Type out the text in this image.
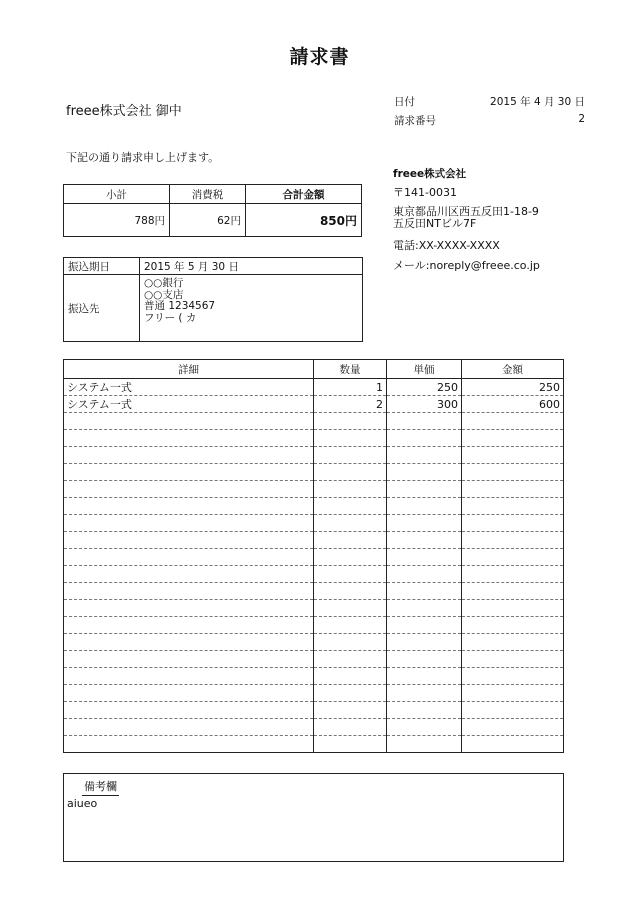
請求書
freee株式会社 御中
下記の通り請求申し上げます。
日付	2015 年 4 月 30 日
請求番号	2
freee株式会社
〒141-0031
東京都品川区西五反田1-18-9
五反田NTビル7F
電話:XX-XXXX-XXXX
メール:noreply@freee.co.jp
小計	消費税	合計金額
788円	62円	850円
振込期日	2015 年 5 月 30 日
振込先	○○銀行
○○支店
普通 1234567
フリー ( カ
詳細	数量	単価	金額
システム一式	1	250	250
システム一式	2	300	600

備考欄
aiueo
